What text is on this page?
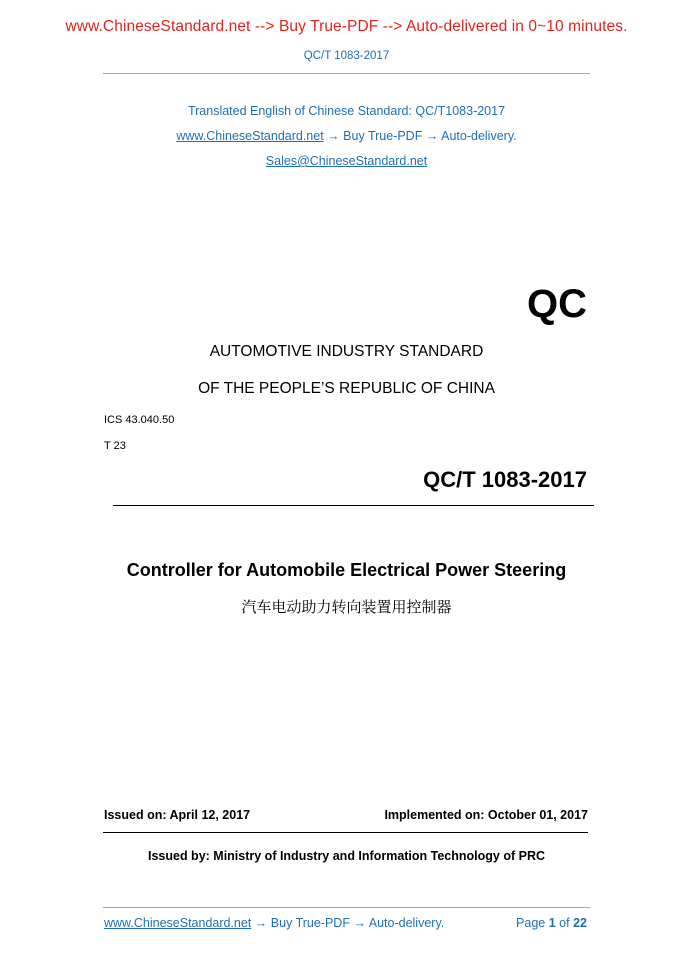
www.ChineseStandard.net --> Buy True-PDF --> Auto-delivered in 0~10 minutes.
QC/T 1083-2017
Translated English of Chinese Standard: QC/T1083-2017
www.ChineseStandard.net → Buy True-PDF → Auto-delivery.
Sales@ChineseStandard.net
QC
AUTOMOTIVE INDUSTRY STANDARD
OF THE PEOPLE’S REPUBLIC OF CHINA
ICS 43.040.50
T 23
QC/T 1083-2017
Controller for Automobile Electrical Power Steering
汽车电动助力转向装置用控制器
Issued on: April 12, 2017	Implemented on: October 01, 2017
Issued by: Ministry of Industry and Information Technology of PRC
www.ChineseStandard.net → Buy True-PDF → Auto-delivery.	Page 1 of 22
